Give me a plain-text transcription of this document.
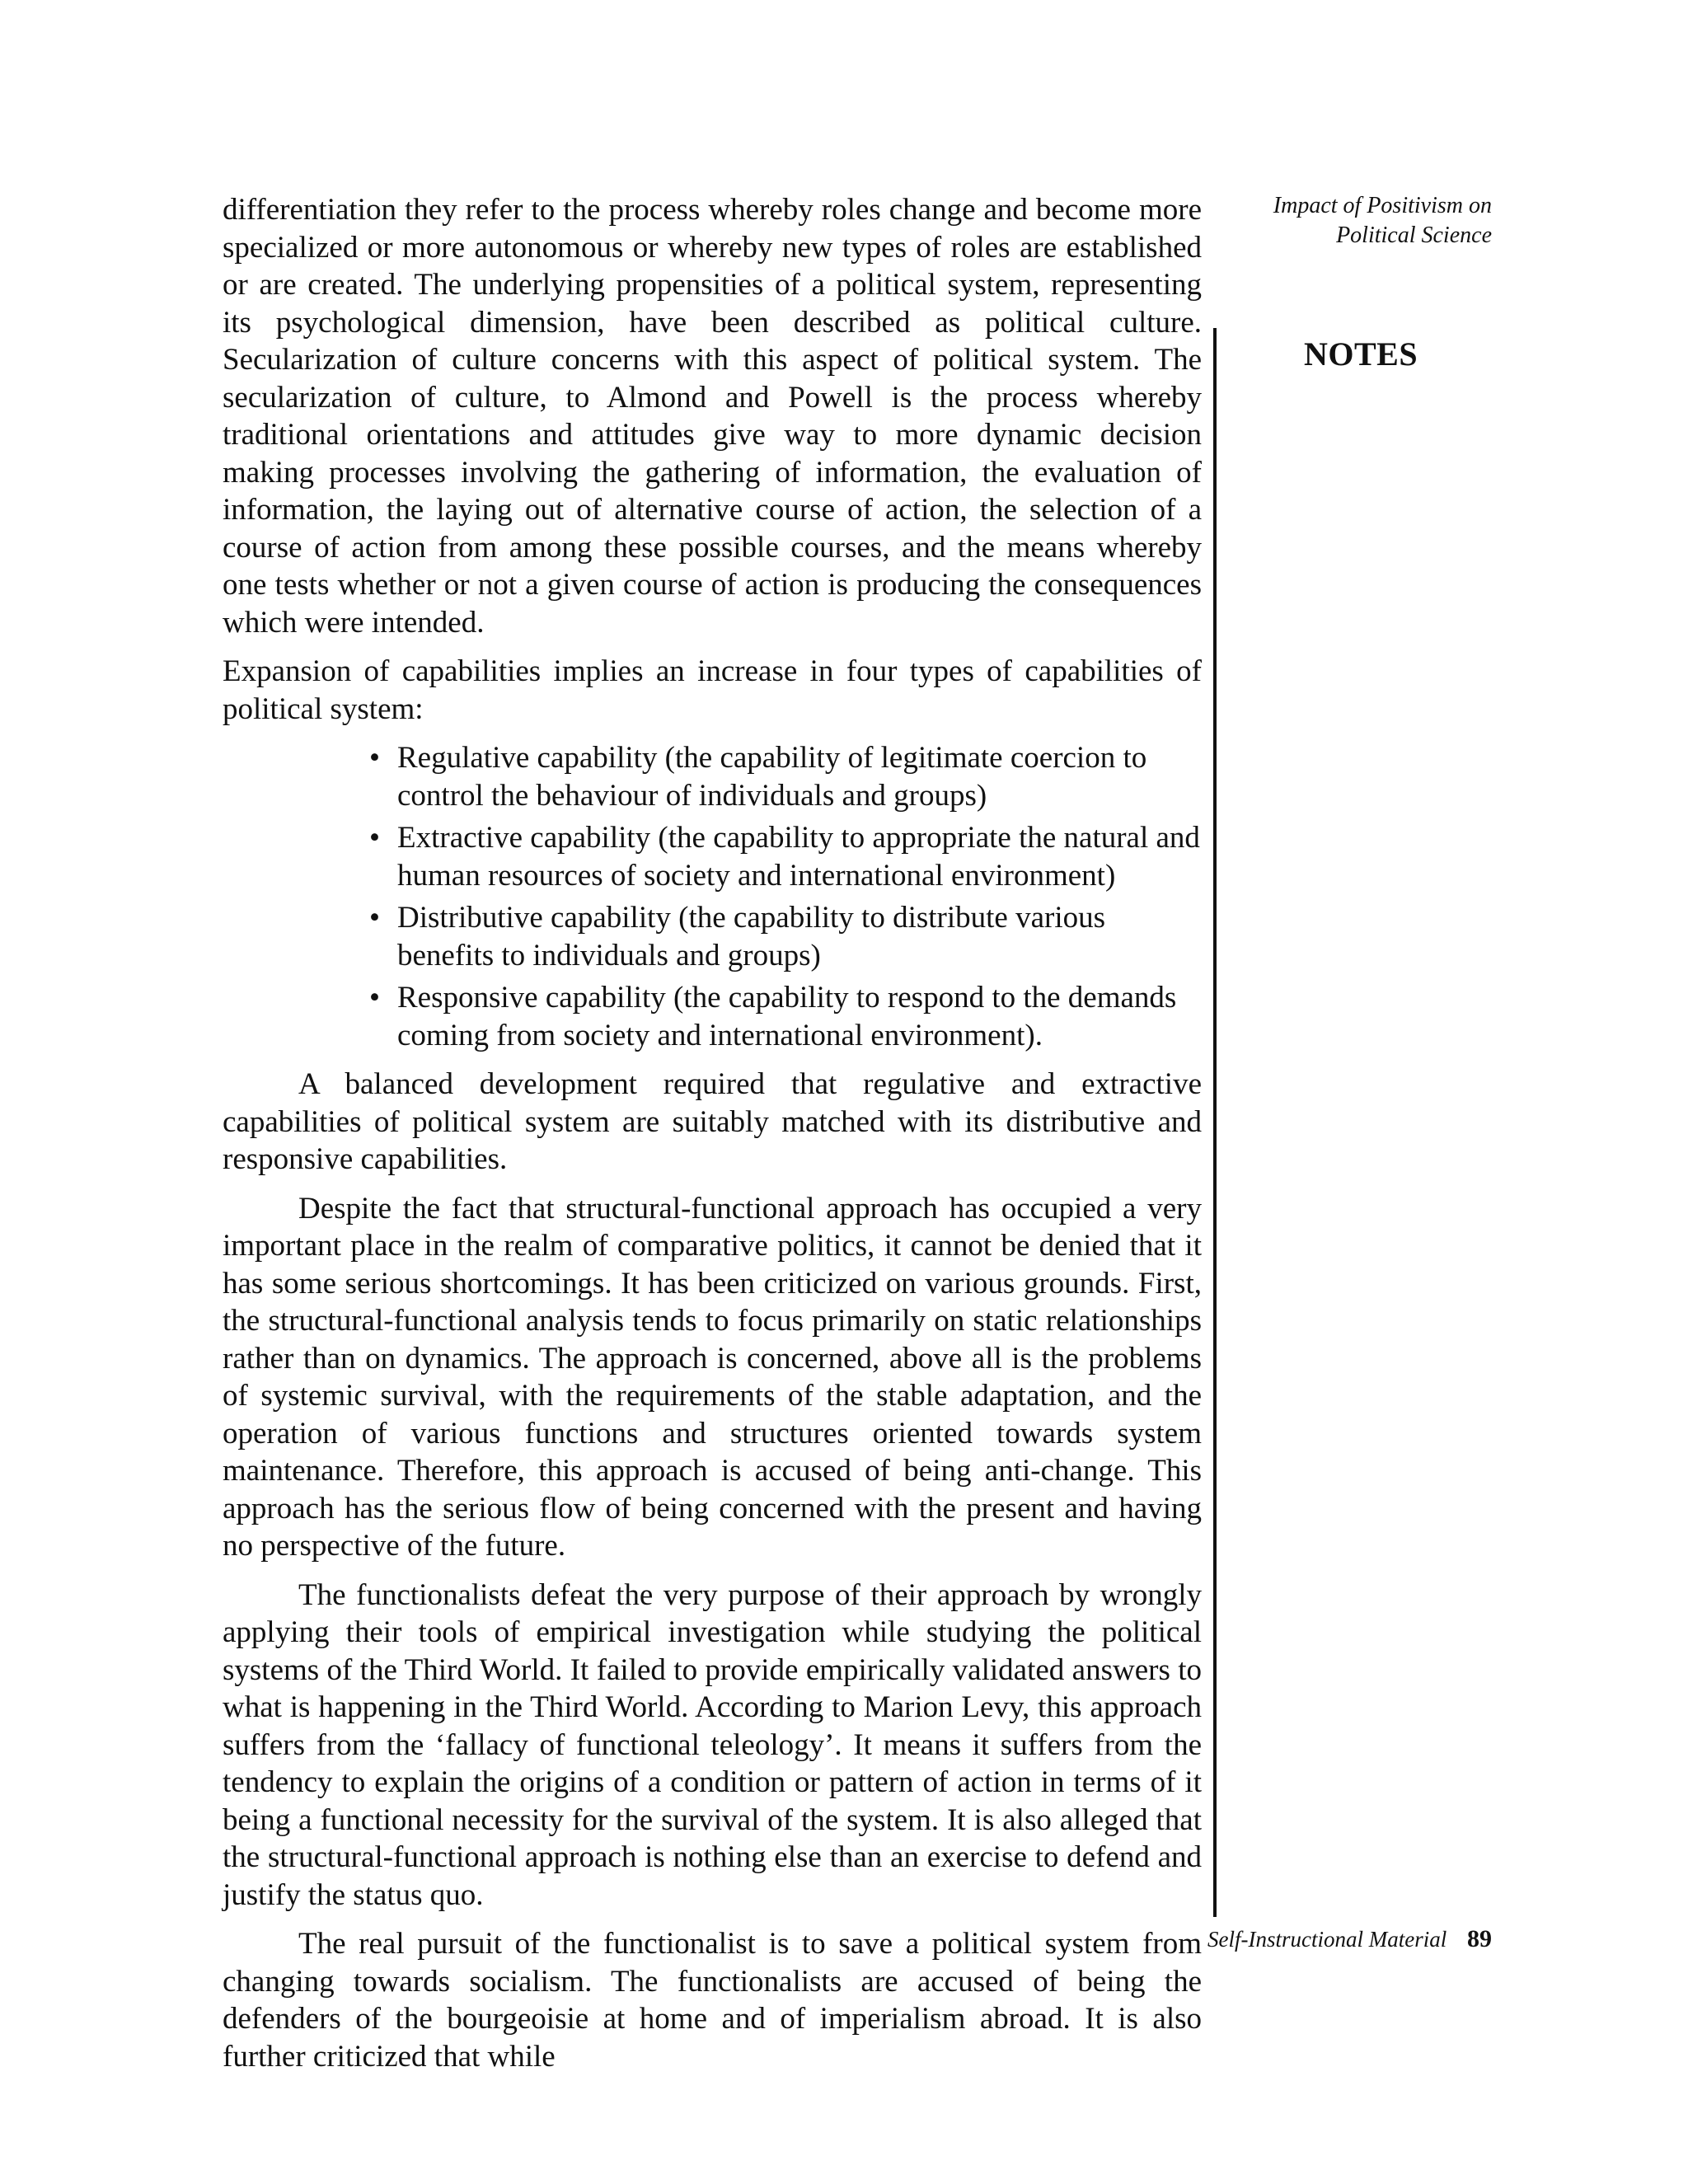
Impact of Positivism on Political Science
NOTES

differentiation they refer to the process whereby roles change and become more specialized or more autonomous or whereby new types of roles are established or are created. The underlying propensities of a political system, representing its psychological dimension, have been described as political culture. Secularization of culture concerns with this aspect of political system. The secularization of culture, to Almond and Powell is the process whereby traditional orientations and attitudes give way to more dynamic decision making processes involving the gathering of information, the evaluation of information, the laying out of alternative course of action, the selection of a course of action from among these possible courses, and the means whereby one tests whether or not a given course of action is producing the consequences which were intended.

Expansion of capabilities implies an increase in four types of capabilities of political system:

• Regulative capability (the capability of legitimate coercion to control the behaviour of individuals and groups)
• Extractive capability (the capability to appropriate the natural and human resources of society and international environment)
• Distributive capability (the capability to distribute various benefits to individuals and groups)
• Responsive capability (the capability to respond to the demands coming from society and international environment).

A balanced development required that regulative and extractive capabilities of political system are suitably matched with its distributive and responsive capabilities.

Despite the fact that structural-functional approach has occupied a very important place in the realm of comparative politics, it cannot be denied that it has some serious shortcomings. It has been criticized on various grounds. First, the structural-functional analysis tends to focus primarily on static relationships rather than on dynamics. The approach is concerned, above all is the problems of systemic survival, with the requirements of the stable adaptation, and the operation of various functions and structures oriented towards system maintenance. Therefore, this approach is accused of being anti-change. This approach has the serious flow of being concerned with the present and having no perspective of the future.

The functionalists defeat the very purpose of their approach by wrongly applying their tools of empirical investigation while studying the political systems of the Third World. It failed to provide empirically validated answers to what is happening in the Third World. According to Marion Levy, this approach suffers from the ‘fallacy of functional teleology’. It means it suffers from the tendency to explain the origins of a condition or pattern of action in terms of it being a functional necessity for the survival of the system. It is also alleged that the structural-functional approach is nothing else than an exercise to defend and justify the status quo.

The real pursuit of the functionalist is to save a political system from changing towards socialism. The functionalists are accused of being the defenders of the bourgeoisie at home and of imperialism abroad. It is also further criticized that while

Self-Instructional Material 89
